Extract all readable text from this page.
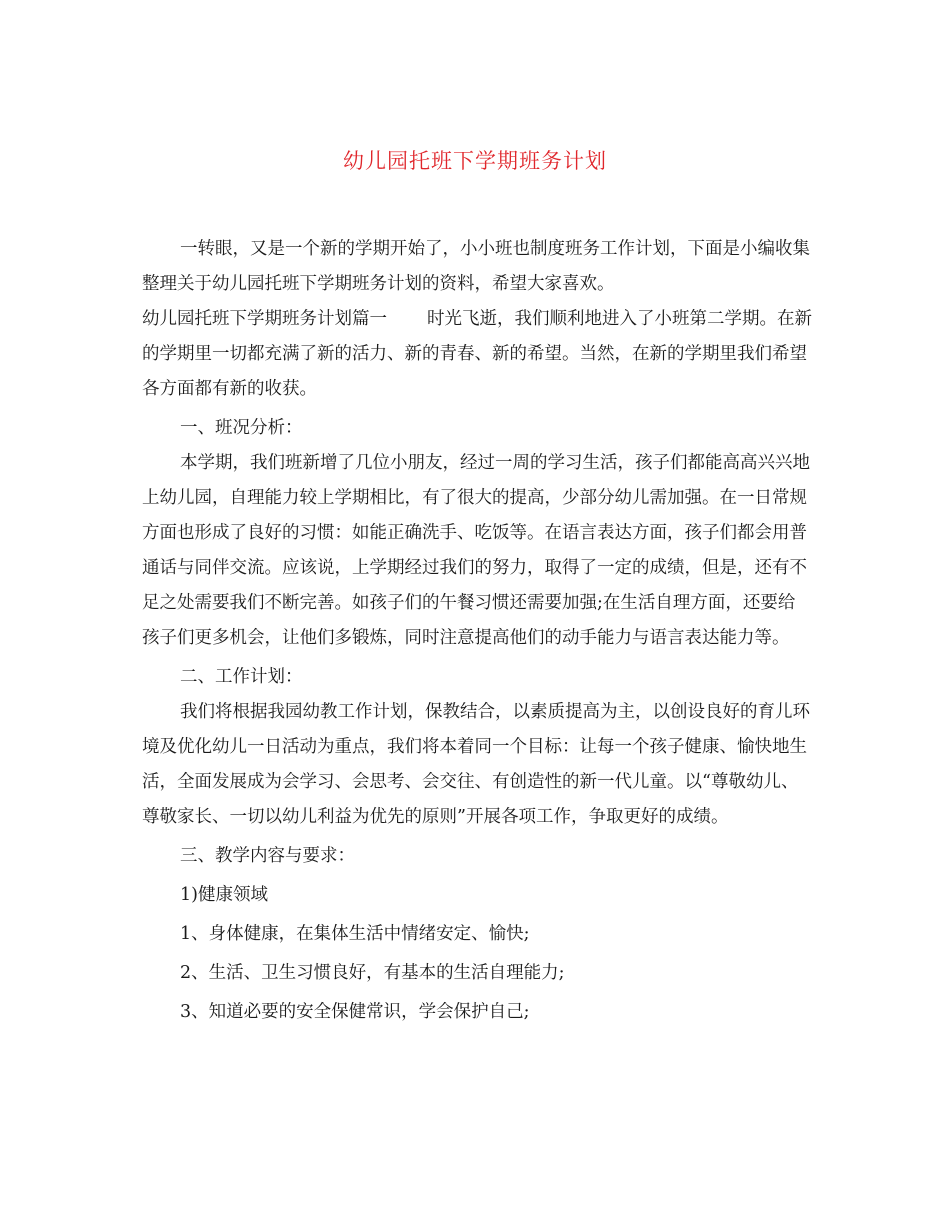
幼儿园托班下学期班务计划

一转眼，又是一个新的学期开始了，小小班也制度班务工作计划，下面是小编收集整理关于幼儿园托班下学期班务计划的资料，希望大家喜欢。

幼儿园托班下学期班务计划篇一 时光飞逝，我们顺利地进入了小班第二学期。在新的学期里一切都充满了新的活力、新的青春、新的希望。当然，在新的学期里我们希望各方面都有新的收获。

一、班况分析：

本学期，我们班新增了几位小朋友，经过一周的学习生活，孩子们都能高高兴兴地上幼儿园，自理能力较上学期相比，有了很大的提高，少部分幼儿需加强。在一日常规方面也形成了良好的习惯：如能正确洗手、吃饭等。在语言表达方面，孩子们都会用普通话与同伴交流。应该说，上学期经过我们的努力，取得了一定的成绩，但是，还有不足之处需要我们不断完善。如孩子们的午餐习惯还需要加强;在生活自理方面，还要给孩子们更多机会，让他们多锻炼，同时注意提高他们的动手能力与语言表达能力等。

二、工作计划：

我们将根据我园幼教工作计划，保教结合，以素质提高为主，以创设良好的育儿环境及优化幼儿一日活动为重点，我们将本着同一个目标：让每一个孩子健康、愉快地生活，全面发展成为会学习、会思考、会交往、有创造性的新一代儿童。以“尊敬幼儿、尊敬家长、一切以幼儿利益为优先的原则”开展各项工作，争取更好的成绩。

三、教学内容与要求：

1)健康领域

1、身体健康，在集体生活中情绪安定、愉快;

2、生活、卫生习惯良好，有基本的生活自理能力;

3、知道必要的安全保健常识，学会保护自己;
